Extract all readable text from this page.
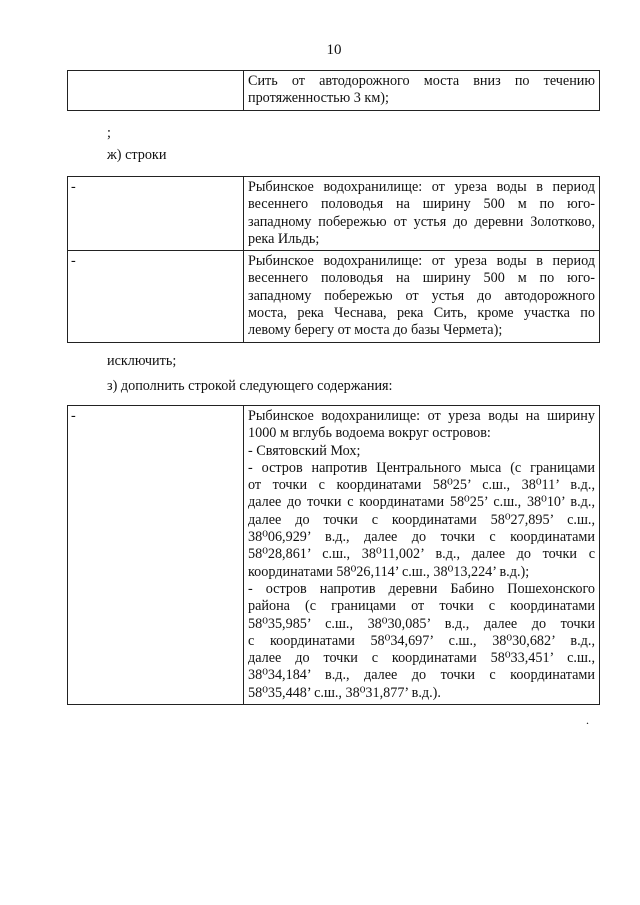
10

Сить от автодорожного моста вниз по течению
протяженностью 3 км);
;
ж) строки
-	Рыбинское водохранилище: от уреза воды в период
весеннего половодья на ширину 500 м по юго-
западному побережью от устья до деревни Золотково,
река Ильдь;

-	Рыбинское водохранилище: от уреза воды в период
весеннего половодья на ширину 500 м по юго-
западному побережью от устья до автодорожного
моста, река Чеснава, река Сить, кроме участка по
левому берегу от моста до базы Чермета);
исключить;
з) дополнить строкой следующего содержания:
-	Рыбинское водохранилище: от уреза воды на ширину
1000 м вглубь водоема вокруг островов:
- Святовский Мох;
- остров напротив Центрального мыса (с границами
от точки с координатами 58⁰25’ с.ш., 38⁰11’ в.д.,
далее до точки с координатами 58⁰25’ с.ш., 38⁰10’ в.д.,
далее до точки с координатами 58⁰27,895’ с.ш.,
38⁰06,929’ в.д., далее до точки с координатами
58⁰28,861’ с.ш., 38⁰11,002’ в.д., далее до точки с
координатами 58⁰26,114’ с.ш., 38⁰13,224’ в.д.);
- остров напротив деревни Бабино Пошехонского
района (с границами от точки с координатами
58⁰35,985’ с.ш., 38⁰30,085’ в.д., далее до точки
с координатами 58⁰34,697’ с.ш., 38⁰30,682’ в.д.,
далее до точки с координатами 58⁰33,451’ с.ш.,
38⁰34,184’ в.д., далее до точки с координатами
58⁰35,448’ с.ш., 38⁰31,877’ в.д.).
.
